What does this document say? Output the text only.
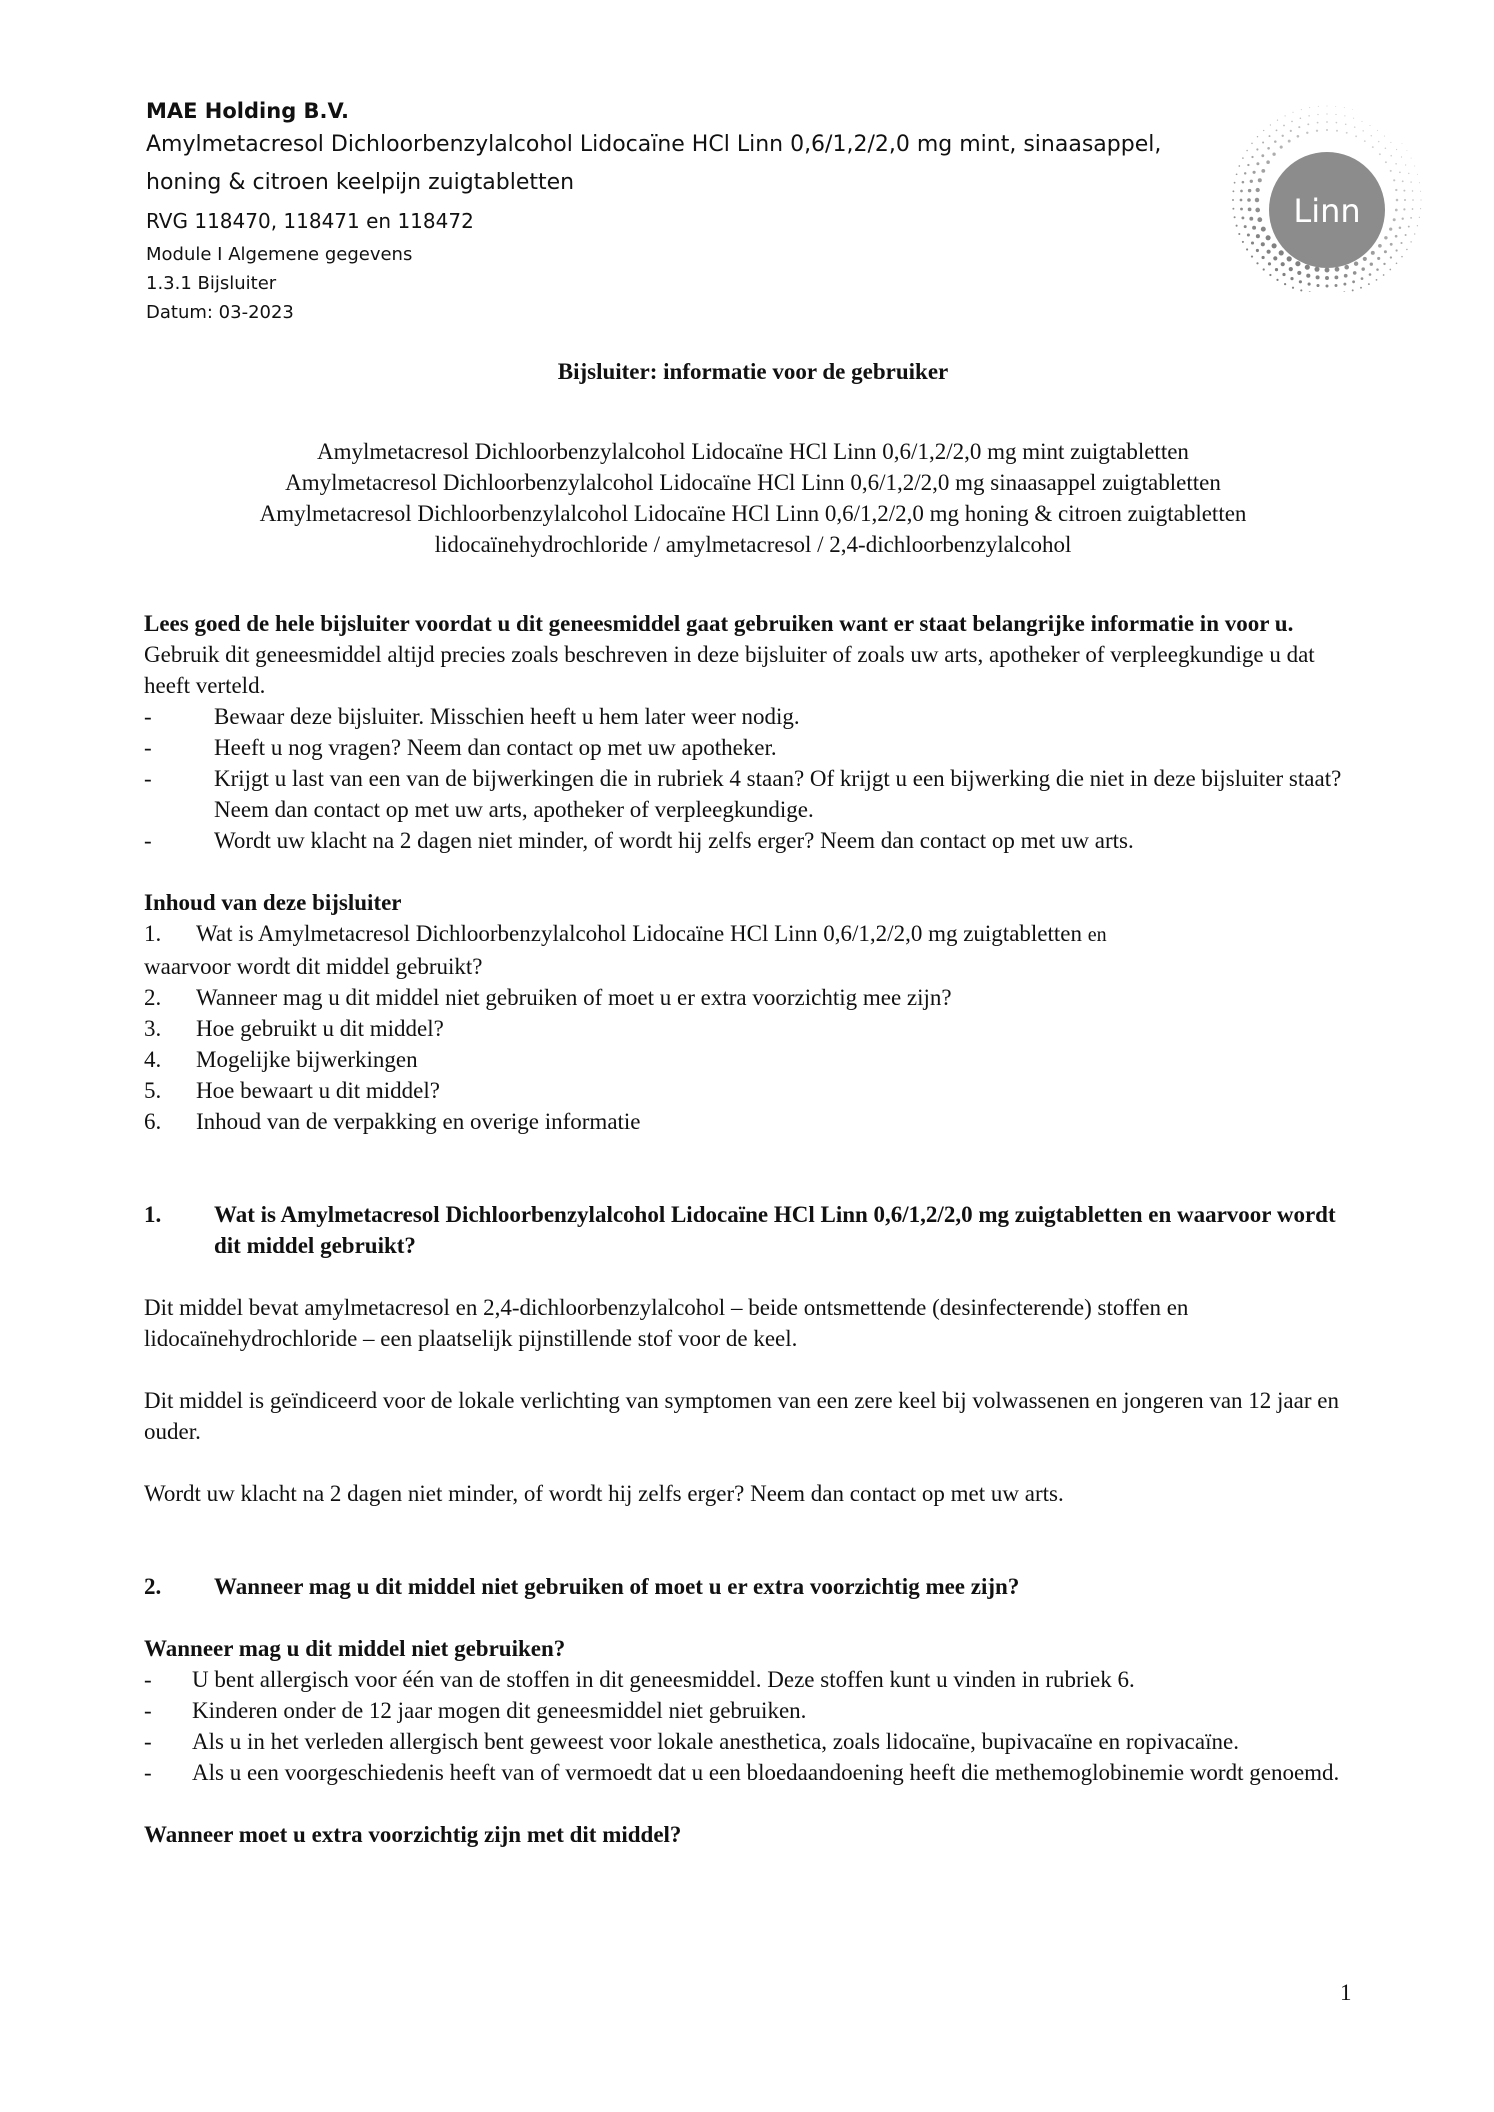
MAE Holding B.V.

Amylmetacresol Dichloorbenzylalcohol Lidocaïne HCl Linn 0,6/1,2/2,0 mg mint, sinaasappel,

honing & citroen keelpijn zuigtabletten

RVG 118470, 118471 en 118472

Module I Algemene gegevens

1.3.1 Bijsluiter

Datum: 03-2023

Linn

Bijsluiter: informatie voor de gebruiker

Amylmetacresol Dichloorbenzylalcohol Lidocaïne HCl Linn 0,6/1,2/2,0 mg mint zuigtabletten

Amylmetacresol Dichloorbenzylalcohol Lidocaïne HCl Linn 0,6/1,2/2,0 mg sinaasappel zuigtabletten

Amylmetacresol Dichloorbenzylalcohol Lidocaïne HCl Linn 0,6/1,2/2,0 mg honing & citroen zuigtabletten

lidocaïnehydrochloride / amylmetacresol / 2,4-dichloorbenzylalcohol

Lees goed de hele bijsluiter voordat u dit geneesmiddel gaat gebruiken want er staat belangrijke informatie in voor u.

Gebruik dit geneesmiddel altijd precies zoals beschreven in deze bijsluiter of zoals uw arts, apotheker of verpleegkundige u dat heeft verteld.

- Bewaar deze bijsluiter. Misschien heeft u hem later weer nodig.
- Heeft u nog vragen? Neem dan contact op met uw apotheker.
- Krijgt u last van een van de bijwerkingen die in rubriek 4 staan? Of krijgt u een bijwerking die niet in deze bijsluiter staat? Neem dan contact op met uw arts, apotheker of verpleegkundige.
- Wordt uw klacht na 2 dagen niet minder, of wordt hij zelfs erger? Neem dan contact op met uw arts.

Inhoud van deze bijsluiter

1. Wat is Amylmetacresol Dichloorbenzylalcohol Lidocaïne HCl Linn 0,6/1,2/2,0 mg zuigtabletten en
waarvoor wordt dit middel gebruikt?
2. Wanneer mag u dit middel niet gebruiken of moet u er extra voorzichtig mee zijn?
3. Hoe gebruikt u dit middel?
4. Mogelijke bijwerkingen
5. Hoe bewaart u dit middel?
6. Inhoud van de verpakking en overige informatie
1. Wat is Amylmetacresol Dichloorbenzylalcohol Lidocaïne HCl Linn 0,6/1,2/2,0 mg zuigtabletten en waarvoor wordt dit middel gebruikt?

Dit middel bevat amylmetacresol en 2,4-dichloorbenzylalcohol – beide ontsmettende (desinfecterende) stoffen en lidocaïnehydrochloride – een plaatselijk pijnstillende stof voor de keel.

Dit middel is geïndiceerd voor de lokale verlichting van symptomen van een zere keel bij volwassenen en jongeren van 12 jaar en ouder.

Wordt uw klacht na 2 dagen niet minder, of wordt hij zelfs erger? Neem dan contact op met uw arts.

2. Wanneer mag u dit middel niet gebruiken of moet u er extra voorzichtig mee zijn?

Wanneer mag u dit middel niet gebruiken?

- U bent allergisch voor één van de stoffen in dit geneesmiddel. Deze stoffen kunt u vinden in rubriek 6.
- Kinderen onder de 12 jaar mogen dit geneesmiddel niet gebruiken.
- Als u in het verleden allergisch bent geweest voor lokale anesthetica, zoals lidocaïne, bupivacaïne en ropivacaïne.
- Als u een voorgeschiedenis heeft van of vermoedt dat u een bloedaandoening heeft die methemoglobinemie wordt genoemd.

Wanneer moet u extra voorzichtig zijn met dit middel?

1
